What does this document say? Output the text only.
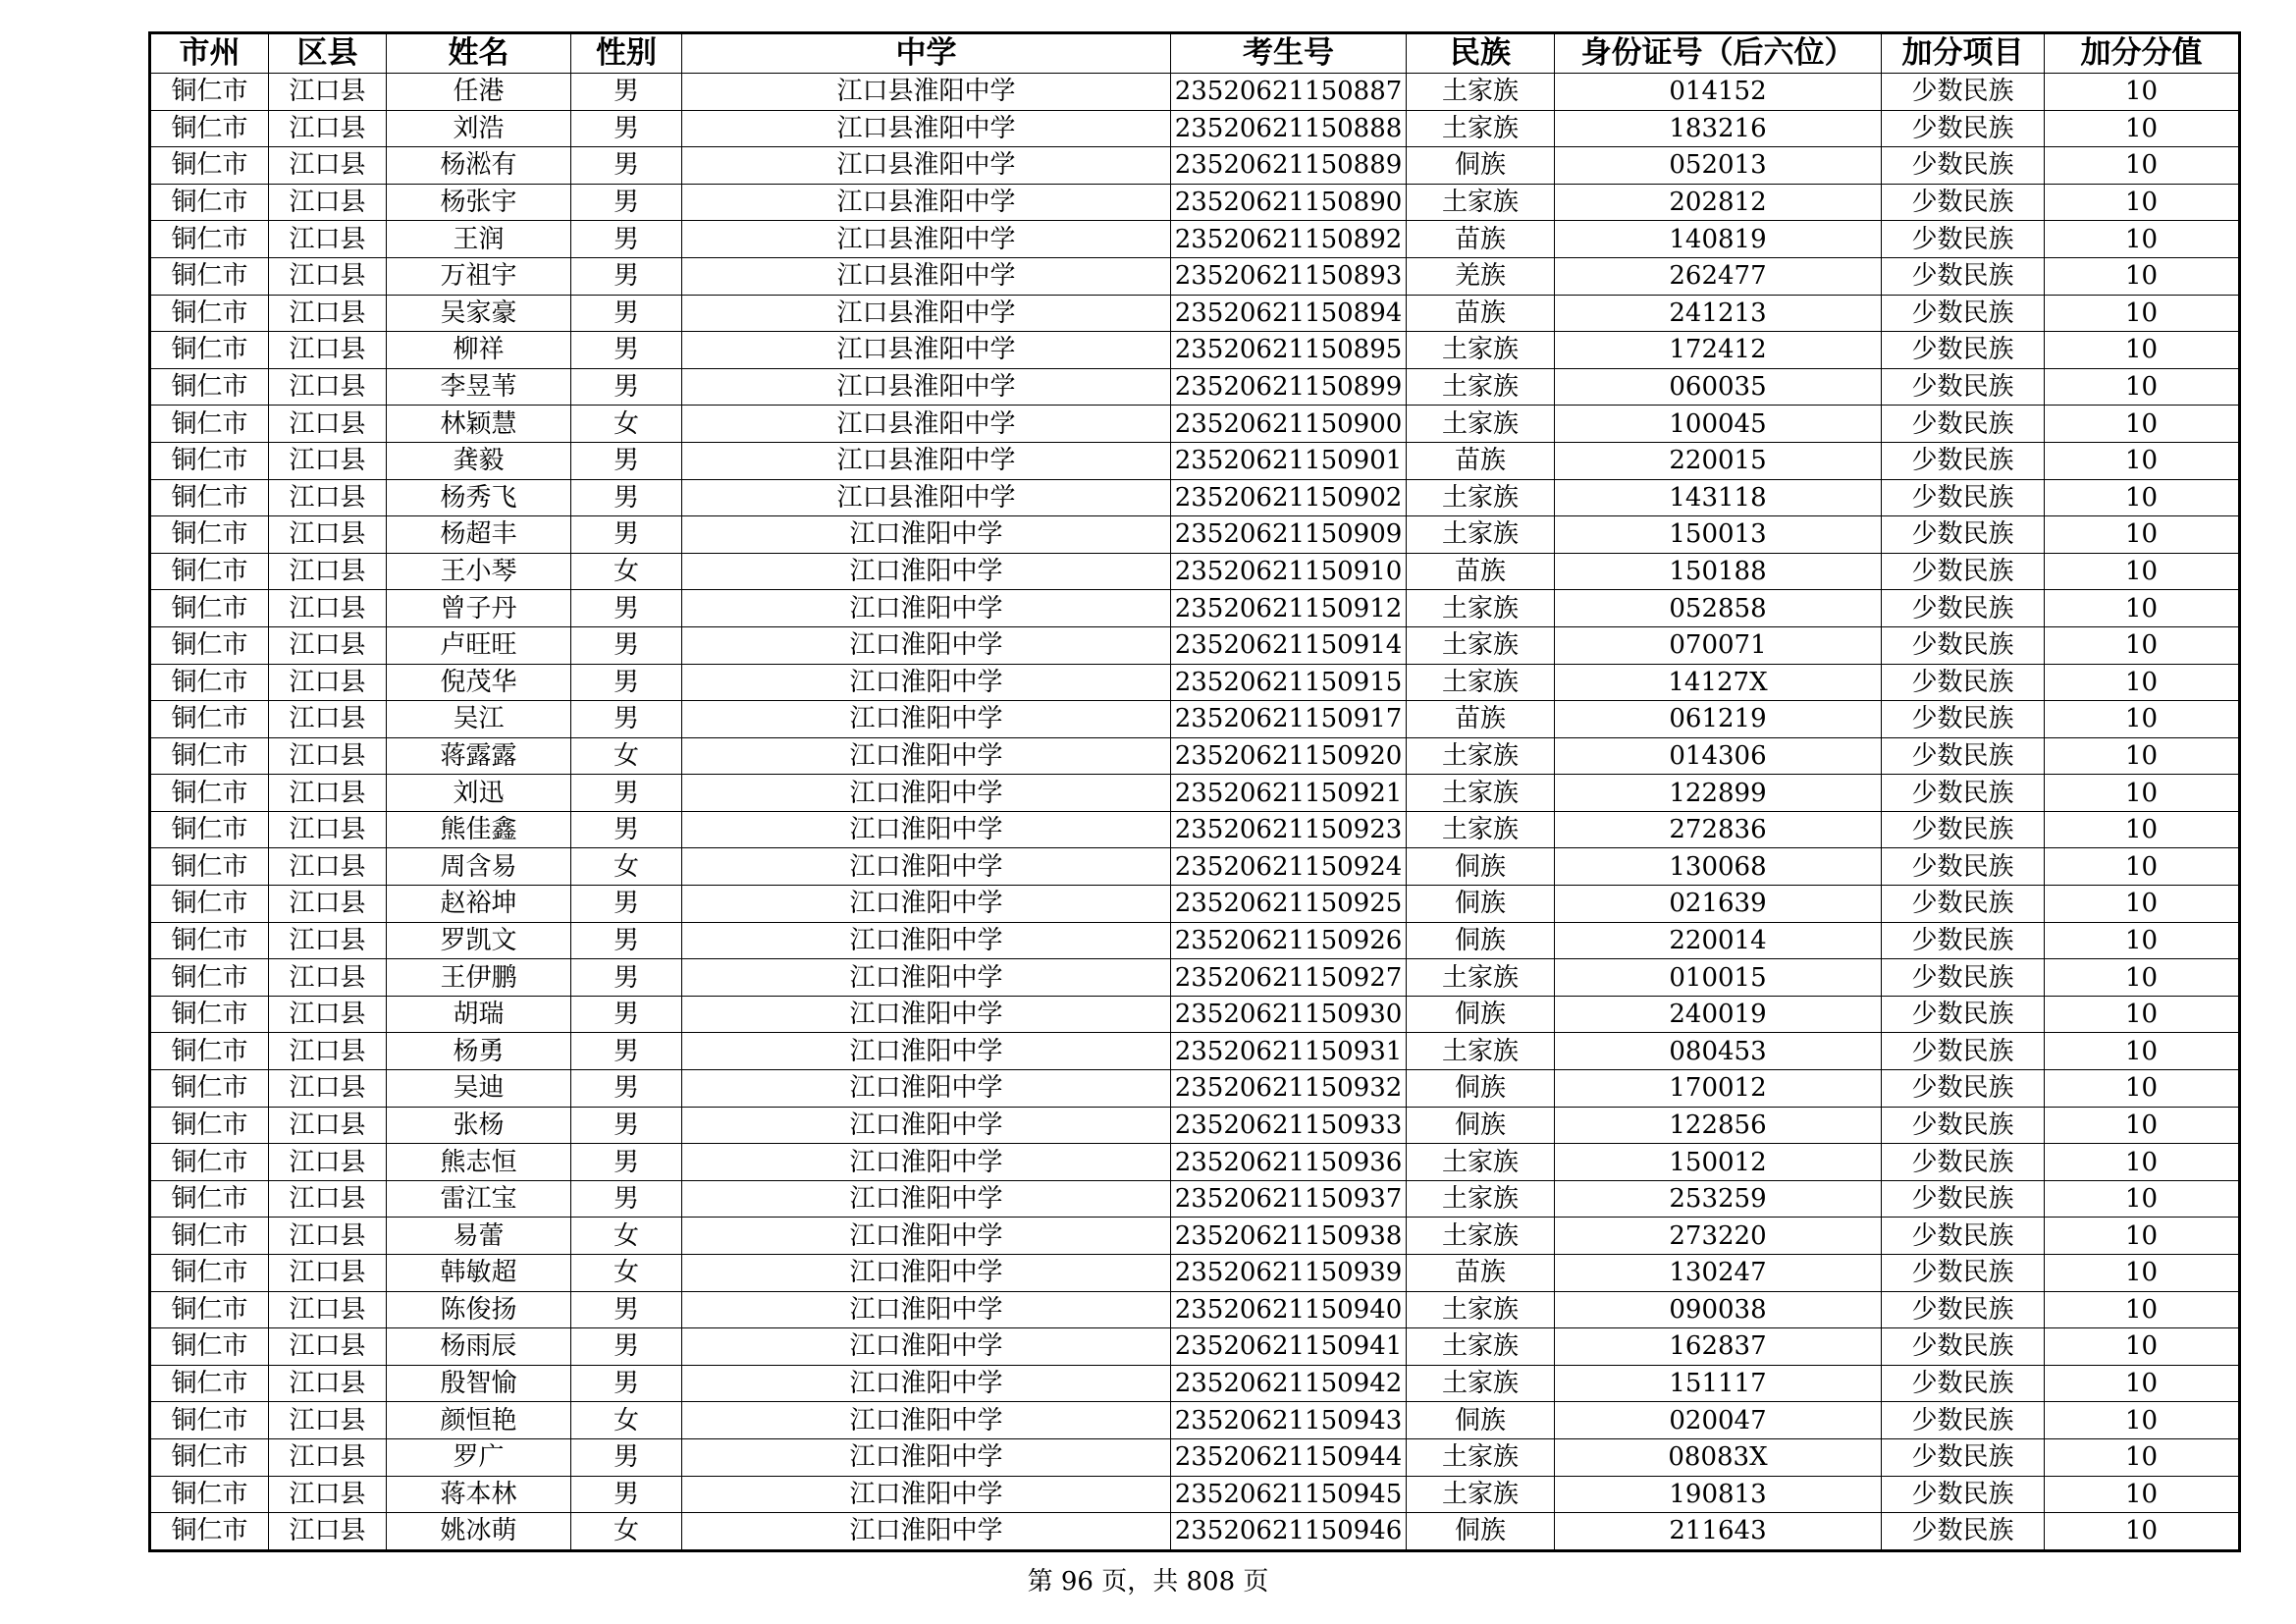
市州	区县	姓名	性别	中学	考生号	民族	身份证号（后六位）	加分项目	加分分值
铜仁市	江口县	任港	男	江口县淮阳中学	23520621150887	土家族	014152	少数民族	10
铜仁市	江口县	刘浩	男	江口县淮阳中学	23520621150888	土家族	183216	少数民族	10
铜仁市	江口县	杨淞有	男	江口县淮阳中学	23520621150889	侗族	052013	少数民族	10
铜仁市	江口县	杨张宇	男	江口县淮阳中学	23520621150890	土家族	202812	少数民族	10
铜仁市	江口县	王润	男	江口县淮阳中学	23520621150892	苗族	140819	少数民族	10
铜仁市	江口县	万祖宇	男	江口县淮阳中学	23520621150893	羌族	262477	少数民族	10
铜仁市	江口县	吴家豪	男	江口县淮阳中学	23520621150894	苗族	241213	少数民族	10
铜仁市	江口县	柳祥	男	江口县淮阳中学	23520621150895	土家族	172412	少数民族	10
铜仁市	江口县	李昱苇	男	江口县淮阳中学	23520621150899	土家族	060035	少数民族	10
铜仁市	江口县	林颖慧	女	江口县淮阳中学	23520621150900	土家族	100045	少数民族	10
铜仁市	江口县	龚毅	男	江口县淮阳中学	23520621150901	苗族	220015	少数民族	10
铜仁市	江口县	杨秀飞	男	江口县淮阳中学	23520621150902	土家族	143118	少数民族	10
铜仁市	江口县	杨超丰	男	江口淮阳中学	23520621150909	土家族	150013	少数民族	10
铜仁市	江口县	王小琴	女	江口淮阳中学	23520621150910	苗族	150188	少数民族	10
铜仁市	江口县	曾子丹	男	江口淮阳中学	23520621150912	土家族	052858	少数民族	10
铜仁市	江口县	卢旺旺	男	江口淮阳中学	23520621150914	土家族	070071	少数民族	10
铜仁市	江口县	倪茂华	男	江口淮阳中学	23520621150915	土家族	14127X	少数民族	10
铜仁市	江口县	吴江	男	江口淮阳中学	23520621150917	苗族	061219	少数民族	10
铜仁市	江口县	蒋露露	女	江口淮阳中学	23520621150920	土家族	014306	少数民族	10
铜仁市	江口县	刘迅	男	江口淮阳中学	23520621150921	土家族	122899	少数民族	10
铜仁市	江口县	熊佳鑫	男	江口淮阳中学	23520621150923	土家族	272836	少数民族	10
铜仁市	江口县	周含易	女	江口淮阳中学	23520621150924	侗族	130068	少数民族	10
铜仁市	江口县	赵裕坤	男	江口淮阳中学	23520621150925	侗族	021639	少数民族	10
铜仁市	江口县	罗凯文	男	江口淮阳中学	23520621150926	侗族	220014	少数民族	10
铜仁市	江口县	王伊鹏	男	江口淮阳中学	23520621150927	土家族	010015	少数民族	10
铜仁市	江口县	胡瑞	男	江口淮阳中学	23520621150930	侗族	240019	少数民族	10
铜仁市	江口县	杨勇	男	江口淮阳中学	23520621150931	土家族	080453	少数民族	10
铜仁市	江口县	吴迪	男	江口淮阳中学	23520621150932	侗族	170012	少数民族	10
铜仁市	江口县	张杨	男	江口淮阳中学	23520621150933	侗族	122856	少数民族	10
铜仁市	江口县	熊志恒	男	江口淮阳中学	23520621150936	土家族	150012	少数民族	10
铜仁市	江口县	雷江宝	男	江口淮阳中学	23520621150937	土家族	253259	少数民族	10
铜仁市	江口县	易蕾	女	江口淮阳中学	23520621150938	土家族	273220	少数民族	10
铜仁市	江口县	韩敏超	女	江口淮阳中学	23520621150939	苗族	130247	少数民族	10
铜仁市	江口县	陈俊扬	男	江口淮阳中学	23520621150940	土家族	090038	少数民族	10
铜仁市	江口县	杨雨辰	男	江口淮阳中学	23520621150941	土家族	162837	少数民族	10
铜仁市	江口县	殷智愉	男	江口淮阳中学	23520621150942	土家族	151117	少数民族	10
铜仁市	江口县	颜恒艳	女	江口淮阳中学	23520621150943	侗族	020047	少数民族	10
铜仁市	江口县	罗广	男	江口淮阳中学	23520621150944	土家族	08083X	少数民族	10
铜仁市	江口县	蒋本林	男	江口淮阳中学	23520621150945	土家族	190813	少数民族	10
铜仁市	江口县	姚冰萌	女	江口淮阳中学	23520621150946	侗族	211643	少数民族	10
第 96 页，共 808 页
